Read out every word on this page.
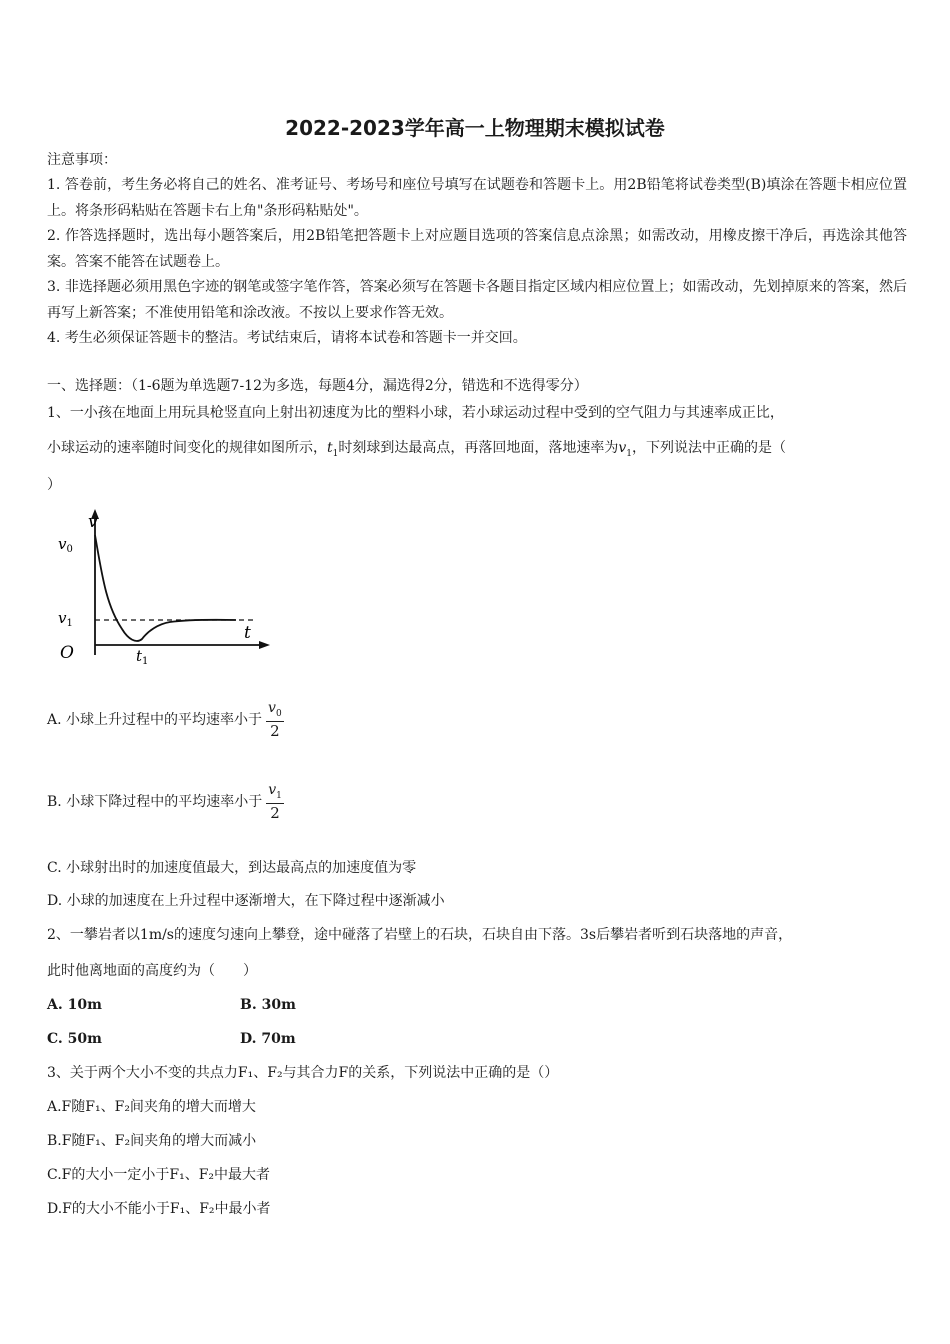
2022-2023学年高一上物理期末模拟试卷
注意事项：

1. 答卷前，考生务必将自己的姓名、准考证号、考场号和座位号填写在试题卷和答题卡上。用2B铅笔将试卷类型(B)填涂在答题卡相应位置上。将条形码粘贴在答题卡右上角"条形码粘贴处"。

2. 作答选择题时，选出每小题答案后，用2B铅笔把答题卡上对应题目选项的答案信息点涂黑；如需改动，用橡皮擦干净后，再选涂其他答案。答案不能答在试题卷上。

3. 非选择题必须用黑色字迹的钢笔或签字笔作答，答案必须写在答题卡各题目指定区域内相应位置上；如需改动，先划掉原来的答案，然后再写上新答案；不准使用铅笔和涂改液。不按以上要求作答无效。

4. 考生必须保证答题卡的整洁。考试结束后，请将本试卷和答题卡一并交回。

一、选择题：（1-6题为单选题7-12为多选，每题4分，漏选得2分，错选和不选得零分）
1、一小孩在地面上用玩具枪竖直向上射出初速度为比的塑料小球，若小球运动过程中受到的空气阻力与其速率成正比，
小球运动的速率随时间变化的规律如图所示，$t_1$时刻球到达最高点，再落回地面，落地速率为$v_1$，下列说法中正确的是（
）
v
$v_0$
$v_1$	t
O	$t_1$
A. 小球上升过程中的平均速率小于 $\frac{v_0}{2}$
B. 小球下降过程中的平均速率小于 $\frac{v_1}{2}$
C. 小球射出时的加速度值最大，到达最高点的加速度值为零
D. 小球的加速度在上升过程中逐渐增大，在下降过程中逐渐减小
2、一攀岩者以1m/s的速度匀速向上攀登，途中碰落了岩壁上的石块，石块自由下落。3s后攀岩者听到石块落地的声音，
此时他离地面的高度约为（　　）
A. 10m	B. 30m
C. 50m	D. 70m
3、关于两个大小不变的共点力F₁、F₂与其合力F的关系，下列说法中正确的是（）
A.F随F₁、F₂间夹角的增大而增大
B.F随F₁、F₂间夹角的增大而减小
C.F的大小一定小于F₁、F₂中最大者
D.F的大小不能小于F₁、F₂中最小者
